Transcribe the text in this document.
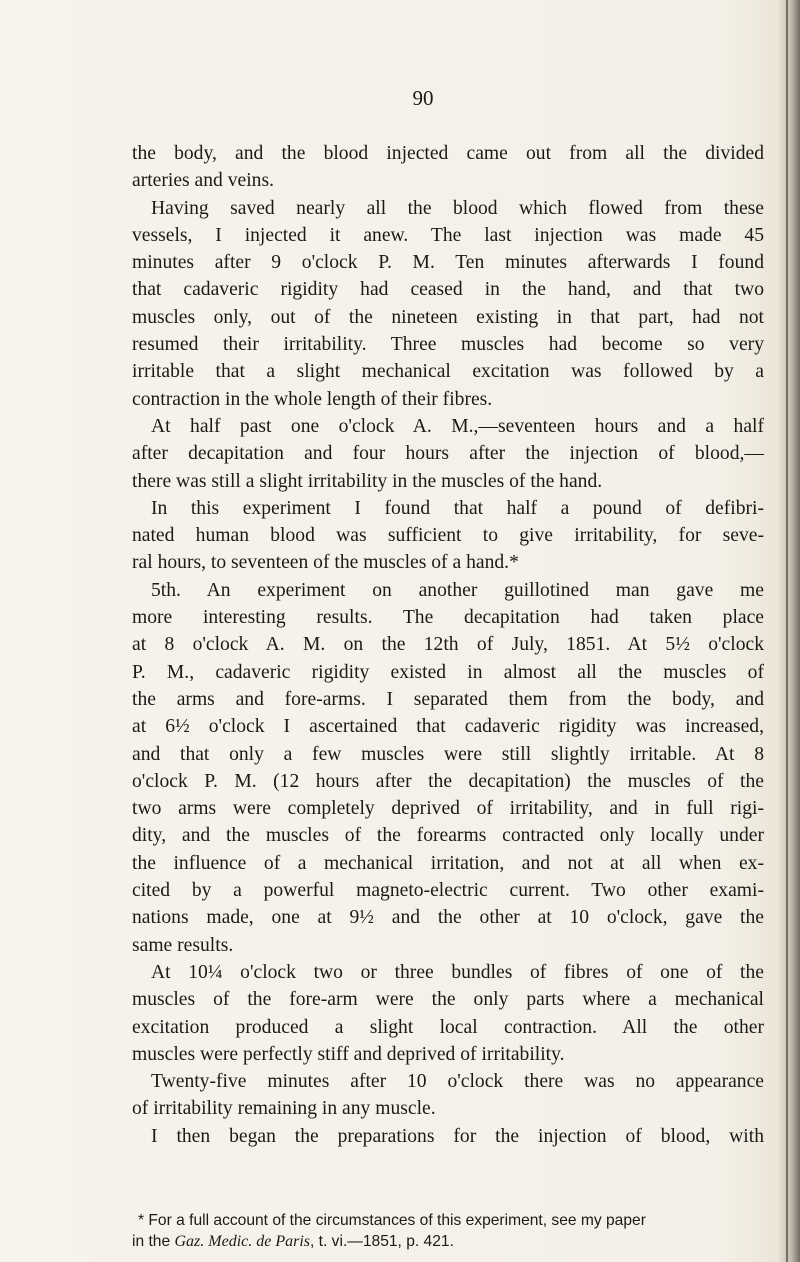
90
the body, and the blood injected came out from all the divided
arteries and veins.
Having saved nearly all the blood which flowed from these
vessels, I injected it anew. The last injection was made 45
minutes after 9 o'clock P. M. Ten minutes afterwards I found
that cadaveric rigidity had ceased in the hand, and that two
muscles only, out of the nineteen existing in that part, had not
resumed their irritability. Three muscles had become so very
irritable that a slight mechanical excitation was followed by a
contraction in the whole length of their fibres.
At half past one o'clock A. M.,—seventeen hours and a half
after decapitation and four hours after the injection of blood,—
there was still a slight irritability in the muscles of the hand.
In this experiment I found that half a pound of defibri-
nated human blood was sufficient to give irritability, for seve-
ral hours, to seventeen of the muscles of a hand.*
5th. An experiment on another guillotined man gave me
more interesting results. The decapitation had taken place
at 8 o'clock A. M. on the 12th of July, 1851. At 5½ o'clock
P. M., cadaveric rigidity existed in almost all the muscles of
the arms and fore-arms. I separated them from the body, and
at 6½ o'clock I ascertained that cadaveric rigidity was increased,
and that only a few muscles were still slightly irritable. At 8
o'clock P. M. (12 hours after the decapitation) the muscles of the
two arms were completely deprived of irritability, and in full rigi-
dity, and the muscles of the forearms contracted only locally under
the influence of a mechanical irritation, and not at all when ex-
cited by a powerful magneto-electric current. Two other exami-
nations made, one at 9½ and the other at 10 o'clock, gave the
same results.
At 10¼ o'clock two or three bundles of fibres of one of the
muscles of the fore-arm were the only parts where a mechanical
excitation produced a slight local contraction. All the other
muscles were perfectly stiff and deprived of irritability.
Twenty-five minutes after 10 o'clock there was no appearance
of irritability remaining in any muscle.
I then began the preparations for the injection of blood, with
* For a full account of the circumstances of this experiment, see my paper
in the Gaz. Medic. de Paris, t. vi.—1851, p. 421.
